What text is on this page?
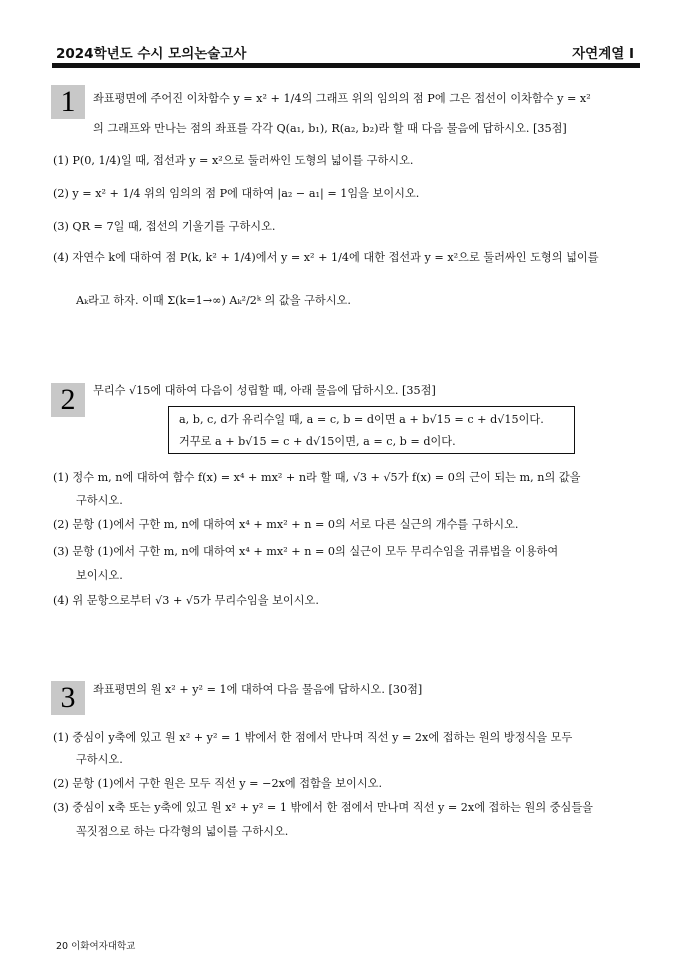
2024학년도 수시 모의논술고사	자연계열 I
1	좌표평면에 주어진 이차함수 y = x² + 1/4의 그래프 위의 임의의 점 P에 그은 접선이 이차함수 y = x²
의 그래프와 만나는 점의 좌표를 각각 Q(a₁, b₁), R(a₂, b₂)라 할 때 다음 물음에 답하시오. [35점]
(1) P(0, 1/4)일 때, 접선과 y = x²으로 둘러싸인 도형의 넓이를 구하시오.
(2) y = x² + 1/4 위의 임의의 점 P에 대하여 |a₂ − a₁| = 1임을 보이시오.
(3) QR = 7일 때, 접선의 기울기를 구하시오.
(4) 자연수 k에 대하여 점 P(k, k² + 1/4)에서 y = x² + 1/4에 대한 접선과 y = x²으로 둘러싸인 도형의 넓이를
Aₖ라고 하자. 이때 Σ(k=1→∞) Aₖ²/2ᵏ 의 값을 구하시오.
2	무리수 √15에 대하여 다음이 성립할 때, 아래 물음에 답하시오. [35점]
a, b, c, d가 유리수일 때, a = c, b = d이면 a + b√15 = c + d√15이다.
거꾸로 a + b√15 = c + d√15이면, a = c, b = d이다.
(1) 정수 m, n에 대하여 함수 f(x) = x⁴ + mx² + n라 할 때, √3 + √5가 f(x) = 0의 근이 되는 m, n의 값을
구하시오.
(2) 문항 (1)에서 구한 m, n에 대하여 x⁴ + mx² + n = 0의 서로 다른 실근의 개수를 구하시오.
(3) 문항 (1)에서 구한 m, n에 대하여 x⁴ + mx² + n = 0의 실근이 모두 무리수임을 귀류법을 이용하여
보이시오.
(4) 위 문항으로부터 √3 + √5가 무리수임을 보이시오.
3	좌표평면의 원 x² + y² = 1에 대하여 다음 물음에 답하시오. [30점]
(1) 중심이 y축에 있고 원 x² + y² = 1 밖에서 한 점에서 만나며 직선 y = 2x에 접하는 원의 방정식을 모두
구하시오.
(2) 문항 (1)에서 구한 원은 모두 직선 y = −2x에 접함을 보이시오.
(3) 중심이 x축 또는 y축에 있고 원 x² + y² = 1 밖에서 한 점에서 만나며 직선 y = 2x에 접하는 원의 중심들을
꼭짓점으로 하는 다각형의 넓이를 구하시오.
20 이화여자대학교
